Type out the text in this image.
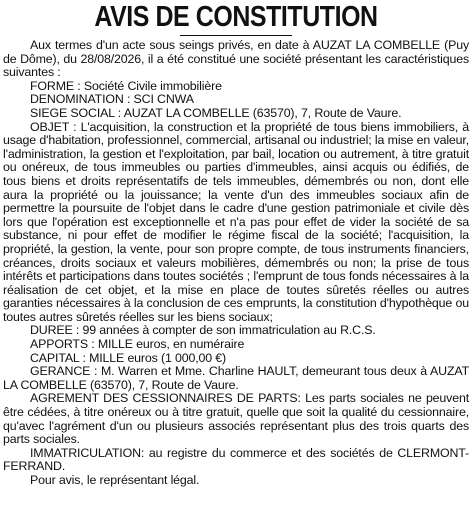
AVIS DE CONSTITUTION

Aux termes d'un acte sous seings privés, en date à AUZAT LA COMBELLE (Puy de Dôme), du 28/08/2026, il a été constitué une société présentant les caractéristiques suivantes :

FORME : Société Civile immobilière

DENOMINATION : SCI CNWA

SIEGE SOCIAL : AUZAT LA COMBELLE (63570), 7, Route de Vaure.

OBJET : L'acquisition, la construction et la propriété de tous biens immobiliers, à usage d'habitation, professionnel, commercial, artisanal ou industriel; la mise en valeur, l'administration, la gestion et l'exploitation, par bail, location ou autrement, à titre gratuit ou onéreux, de tous immeubles ou parties d'immeubles, ainsi acquis ou édifiés, de tous biens et droits représentatifs de tels immeubles, démembrés ou non, dont elle aura la propriété ou la jouissance; la vente d'un des immeubles sociaux afin de permettre la poursuite de l'objet dans le cadre d'une gestion patrimoniale et civile dès lors que l'opération est exceptionnelle et n'a pas pour effet de vider la société de sa substance, ni pour effet de modifier le régime fiscal de la société; l'acquisition, la propriété, la gestion, la vente, pour son propre compte, de tous instruments financiers, créances, droits sociaux et valeurs mobilières, démembrés ou non; la prise de tous intérêts et participations dans toutes sociétés ; l'emprunt de tous fonds nécessaires à la réalisation de cet objet, et la mise en place de toutes sûretés réelles ou autres garanties nécessaires à la conclusion de ces emprunts, la constitution d'hypothèque ou toutes autres sûretés réelles sur les biens sociaux;

DUREE : 99 années à compter de son immatriculation au R.C.S.

APPORTS : MILLE euros, en numéraire

CAPITAL : MILLE euros (1 000,00 €)

GERANCE : M. Warren et Mme. Charline HAULT, demeurant tous deux à AUZAT LA COMBELLE (63570), 7, Route de Vaure.

AGREMENT DES CESSIONNAIRES DE PARTS: Les parts sociales ne peuvent être cédées, à titre onéreux ou à titre gratuit, quelle que soit la qualité du cessionnaire, qu'avec l'agrément d'un ou plusieurs associés représentant plus des trois quarts des parts sociales.

IMMATRICULATION: au registre du commerce et des sociétés de CLERMONT-FERRAND.

Pour avis, le représentant légal.
